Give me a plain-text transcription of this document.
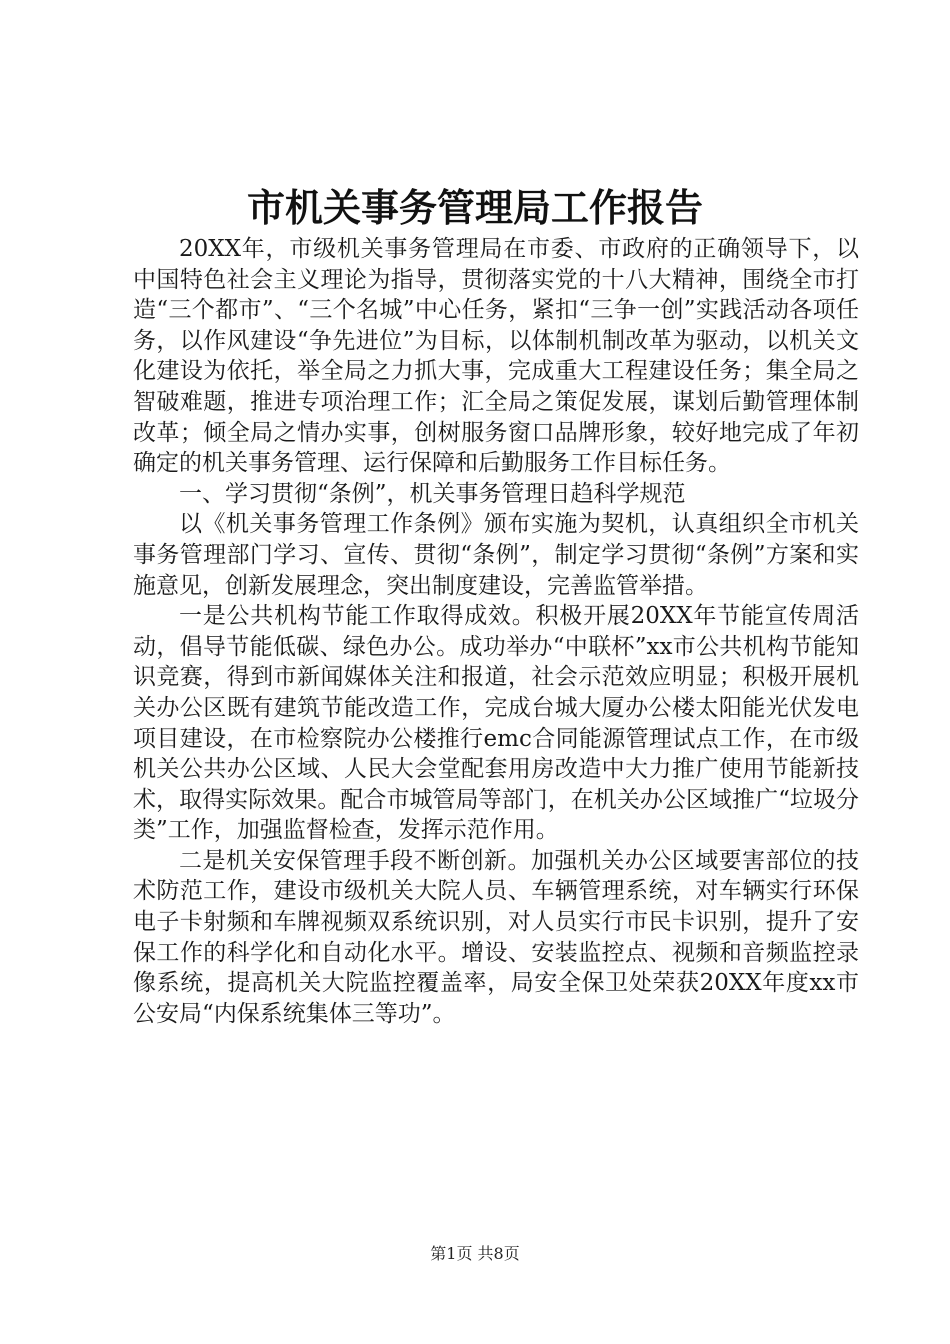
市机关事务管理局工作报告

20XX年，市级机关事务管理局在市委、市政府的正确领导下，以中国特色社会主义理论为指导，贯彻落实党的十八大精神，围绕全市打造“三个都市”、“三个名城”中心任务，紧扣“三争一创”实践活动各项任务，以作风建设“争先进位”为目标，以体制机制改革为驱动，以机关文化建设为依托，举全局之力抓大事，完成重大工程建设任务；集全局之智破难题，推进专项治理工作；汇全局之策促发展，谋划后勤管理体制改革；倾全局之情办实事，创树服务窗口品牌形象，较好地完成了年初确定的机关事务管理、运行保障和后勤服务工作目标任务。

一、学习贯彻“条例”，机关事务管理日趋科学规范

以《机关事务管理工作条例》颁布实施为契机，认真组织全市机关事务管理部门学习、宣传、贯彻“条例”，制定学习贯彻“条例”方案和实施意见，创新发展理念，突出制度建设，完善监管举措。

一是公共机构节能工作取得成效。积极开展20XX年节能宣传周活动，倡导节能低碳、绿色办公。成功举办“中联杯”xx市公共机构节能知识竞赛，得到市新闻媒体关注和报道，社会示范效应明显；积极开展机关办公区既有建筑节能改造工作，完成台城大厦办公楼太阳能光伏发电项目建设，在市检察院办公楼推行emc合同能源管理试点工作，在市级机关公共办公区域、人民大会堂配套用房改造中大力推广使用节能新技术，取得实际效果。配合市城管局等部门，在机关办公区域推广“垃圾分类”工作，加强监督检查，发挥示范作用。

二是机关安保管理手段不断创新。加强机关办公区域要害部位的技术防范工作，建设市级机关大院人员、车辆管理系统，对车辆实行环保电子卡射频和车牌视频双系统识别，对人员实行市民卡识别，提升了安保工作的科学化和自动化水平。增设、安装监控点、视频和音频监控录像系统，提高机关大院监控覆盖率，局安全保卫处荣获20XX年度xx市公安局“内保系统集体三等功”。

第1页 共8页
